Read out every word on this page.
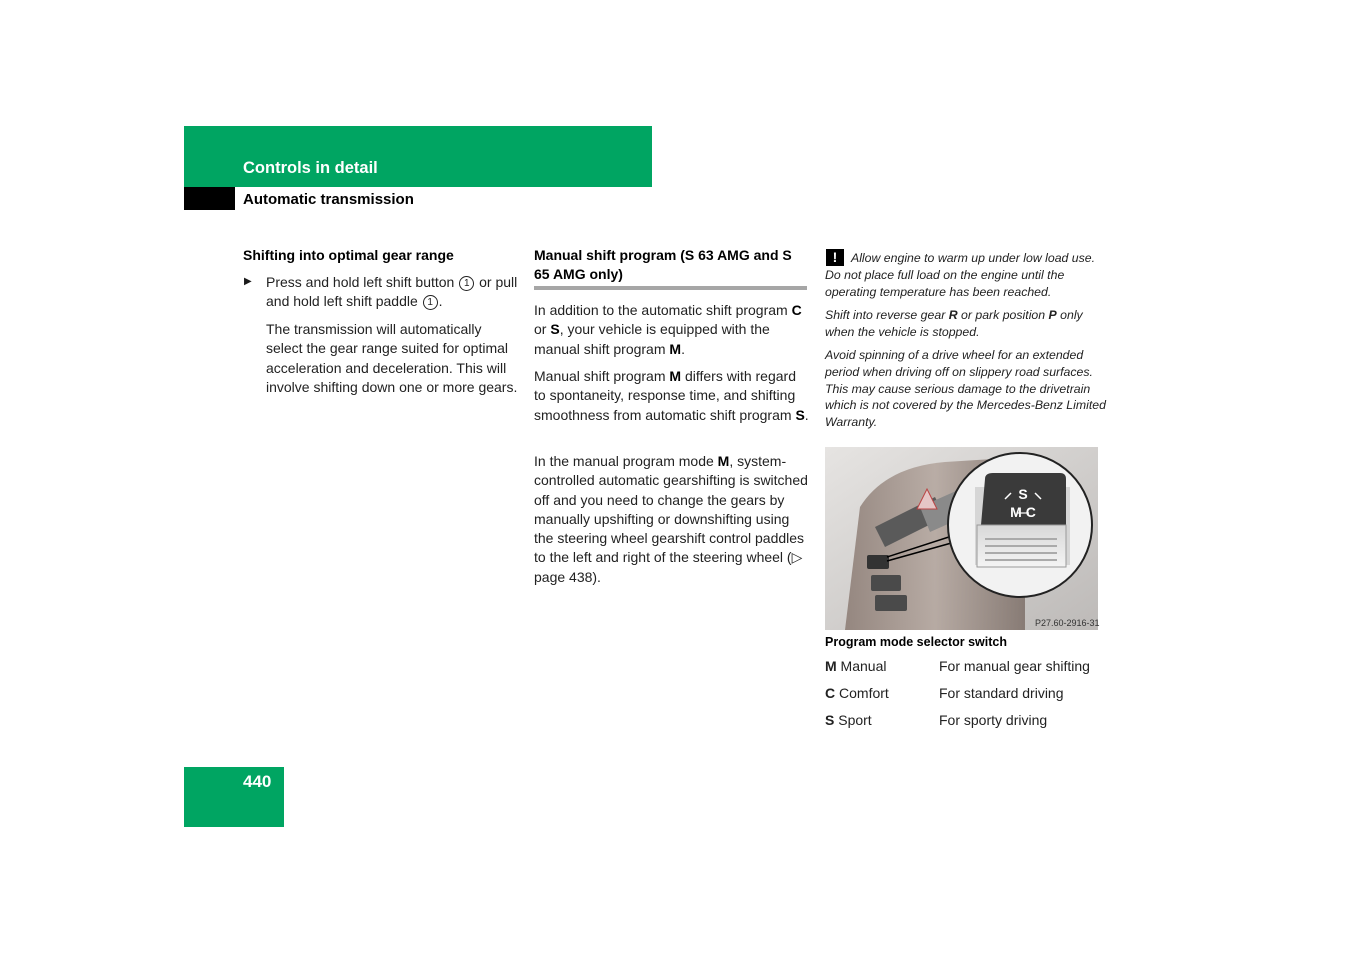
Controls in detail
Automatic transmission
Shifting into optimal gear range
▶ Press and hold left shift button 1 or pull and hold left shift paddle 1 .
The transmission will automatically select the gear range suited for optimal acceleration and deceleration. This will involve shifting down one or more gears.
Manual shift program (S 63 AMG and S 65 AMG only)
In addition to the automatic shift program C or S, your vehicle is equipped with the manual shift program M.
Manual shift program M differs with regard to spontaneity, response time, and shifting smoothness from automatic shift program S.
In the manual program mode M, system-controlled automatic gearshifting is switched off and you need to change the gears by manually upshifting or downshifting using the steering wheel gearshift control paddles to the left and right of the steering wheel (▷ page 438).
!	Allow engine to warm up under low load use. Do not place full load on the engine until the operating temperature has been reached.
Shift into reverse gear R or park position P only when the vehicle is stopped.
Avoid spinning of a drive wheel for an extended period when driving off on slippery road surfaces. This may cause serious damage to the drivetrain which is not covered by the Mercedes-Benz Limited Warranty.
S
M C
P27.60-2916-31
Program mode selector switch
M Manual	For manual gear shifting
C Comfort	For standard driving
S Sport	For sporty driving
440
